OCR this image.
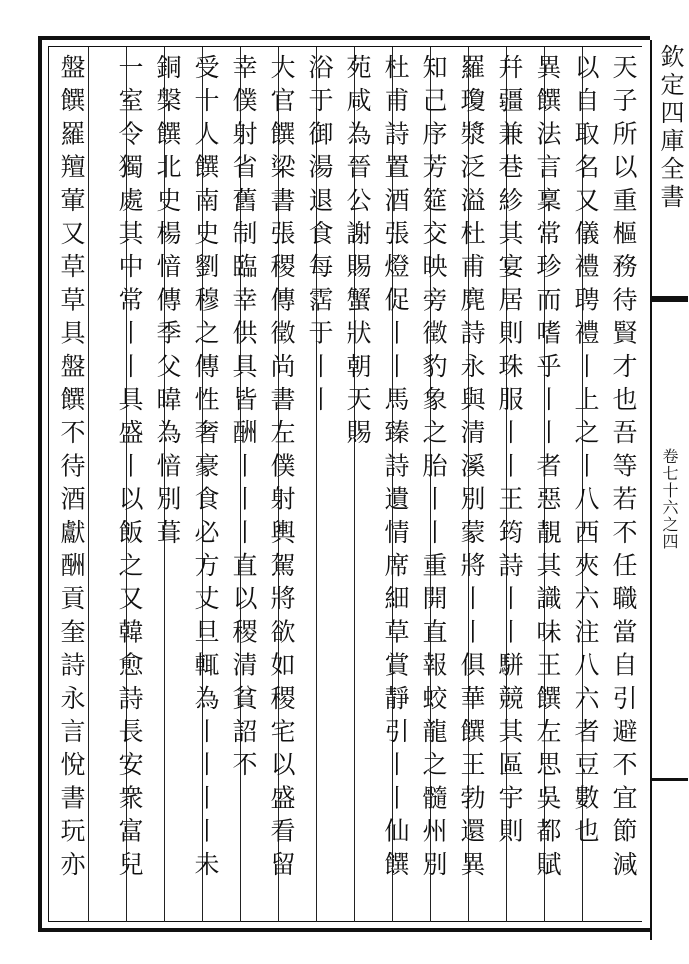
天子所以重樞務待賢才也吾等若不任職當自引避不宜節減
以自取名又儀禮聘禮丨上之丨八西夾六注八六者豆數也
異饌法言稟常珍而嗜乎丨丨者惡靚其識味王饌左思吳都賦
幷疆兼巷紾其宴居則珠服丨丨王筠詩丨丨駢競其區宇則
羅瓊漿泛溢杜甫麂詩永與清溪別蒙將丨丨俱華饌王勃還異
知己序芳筵交映旁徵豹象之胎丨丨重開直報蛟龍之髓州別
杜甫詩置酒張燈促丨丨馬臻詩遺情席細草賞靜引丨丨仙饌
苑咸為晉公謝賜蟹狀朝天賜
浴于御湯退食每霑于丨丨
大官饌梁書張稷傳徵尚書左僕射輿駕將欲如稷宅以盛看留
幸僕射省舊制臨幸供具皆酬丨丨丨直以稷清貧詔不
受十人饌南史劉穆之傳性奢豪食必方丈旦輒為丨丨丨丨未
銅槃饌北史楊愔傳季父暐為愔別葺
一室令獨處其中常丨丨具盛丨以飯之又韓愈詩長安衆富兒
盤饌羅羶葷又草草具盤饌不待酒獻酬貢奎詩永言悅書玩亦	欽定四庫全書
卷七十六之四
